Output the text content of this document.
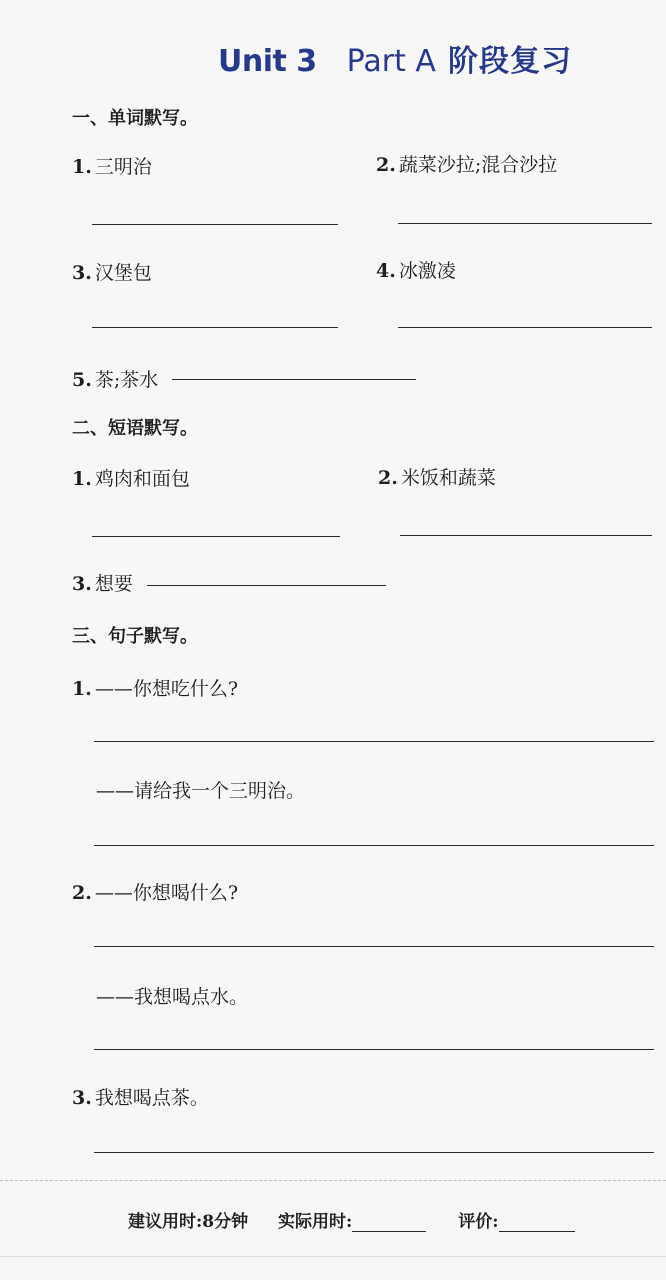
Unit 3 Part A 阶段复习
一、单词默写。
1. 三明治	2. 蔬菜沙拉;混合沙拉
3. 汉堡包	4. 冰激凌
5. 茶;茶水
二、短语默写。
1. 鸡肉和面包	2. 米饭和蔬菜
3. 想要
三、句子默写。
1. ——你想吃什么?
——请给我一个三明治。
2. ——你想喝什么?
——我想喝点水。
3. 我想喝点茶。
建议用时:8分钟 实际用时:	评价:
